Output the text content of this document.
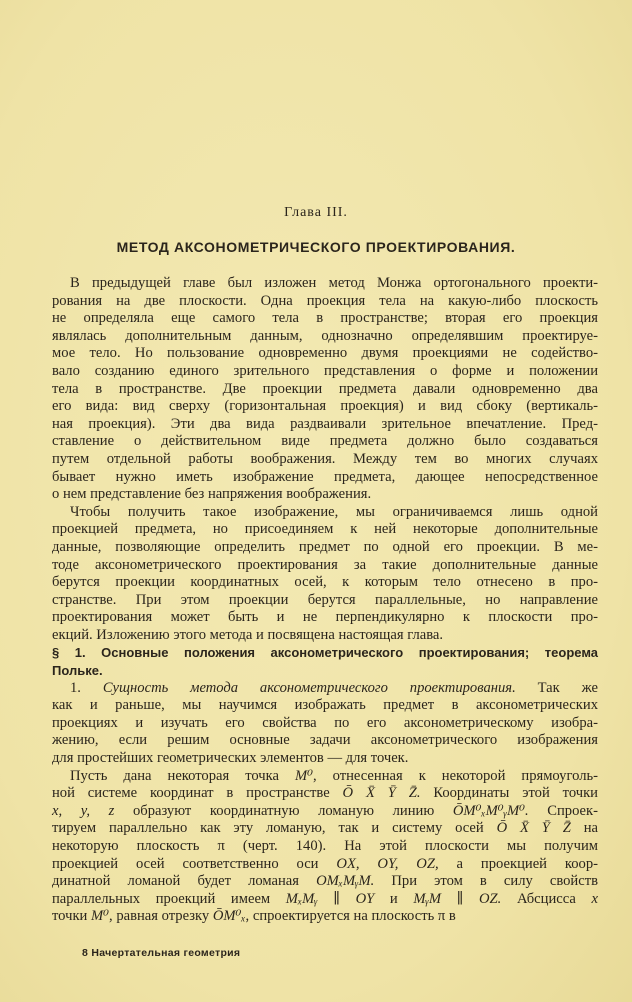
Глава III.
МЕТОД АКСОНОМЕТРИЧЕСКОГО ПРОЕКТИРОВАНИЯ.
В предыдущей главе был изложен метод Монжа ортогонального проекти-
рования на две плоскости. Одна проекция тела на какую-либо плоскость
не определяла еще самого тела в пространстве; вторая его проекция
являлась дополнительным данным, однозначно определявшим проектируе-
мое тело. Но пользование одновременно двумя проекциями не содейство-
вало созданию единого зрительного представления о форме и положении
тела в пространстве. Две проекции предмета давали одновременно два
его вида: вид сверху (горизонтальная проекция) и вид сбоку (вертикаль-
ная проекция). Эти два вида раздваивали зрительное впечатление. Пред-
ставление о действительном виде предмета должно было создаваться
путем отдельной работы воображения. Между тем во многих случаях
бывает нужно иметь изображение предмета, дающее непосредственное
о нем представление без напряжения воображения.
Чтобы получить такое изображение, мы ограничиваемся лишь одной
проекцией предмета, но присоединяем к ней некоторые дополнительные
данные, позволяющие определить предмет по одной его проекции. В ме-
тоде аксонометрического проектирования за такие дополнительные данные
берутся проекции координатных осей, к которым тело отнесено в про-
странстве. При этом проекции берутся параллельные, но направление
проектирования может быть и не перпендикулярно к плоскости про-
екций. Изложению этого метода и посвящена настоящая глава.
§ 1. Основные положения аксонометрического проектирования; теорема
Польке.
1. Сущность метода аксонометрического проектирования. Так же
как и раньше, мы научимся изображать предмет в аксонометрических
проекциях и изучать его свойства по его аксонометрическому изобра-
жению, если решим основные задачи аксонометрического изображения
для простейших геометрических элементов — для точек.
Пусть дана некоторая точка M⁰, отнесенная к некоторой прямоуголь-
ной системе координат в пространстве Ō X̄ Ȳ Z̄. Координаты этой точки
x, y, z образуют координатную ломаную линию ŌM⁰ₓM⁰ᵧM⁰. Спроек-
тируем параллельно как эту ломаную, так и систему осей Ō X̄ Ȳ Z̄ на
некоторую плоскость π (черт. 140). На этой плоскости мы получим
проекцией осей соответственно оси OX, OY, OZ, а проекцией коор-
динатной ломаной будет ломаная OMₓMᵧM. При этом в силу свойств
параллельных проекций имеем MₓMᵧ ∥ OY и MᵧM ∥ OZ. Абсцисса x
точки M⁰, равная отрезку ŌM⁰ₓ, спроектируется на плоскость π в
8 Начертательная геометрия
